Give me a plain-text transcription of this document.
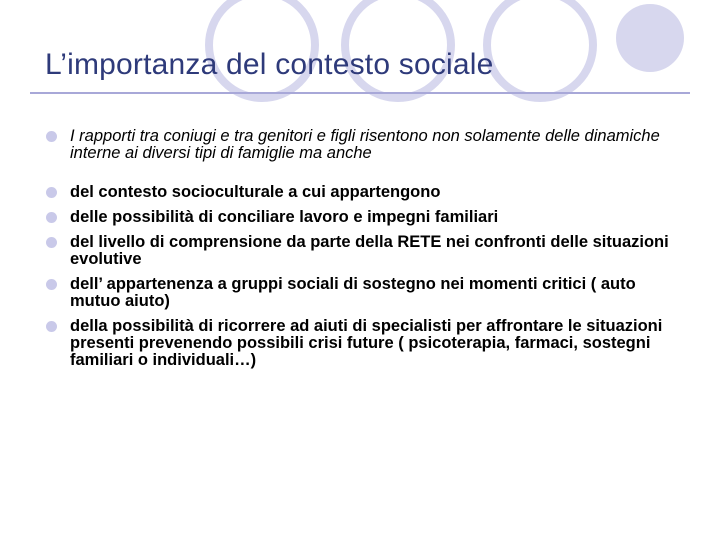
L’importanza del contesto sociale
I rapporti tra coniugi e tra genitori e figli risentono non solamente delle dinamiche interne ai diversi tipi di famiglie ma anche
del contesto socioculturale a cui appartengono
delle possibilità di conciliare lavoro e impegni familiari
del livello di comprensione da parte della RETE nei confronti delle situazioni evolutive
dell’ appartenenza a gruppi sociali di sostegno nei momenti critici ( auto mutuo aiuto)
della possibilità di ricorrere ad aiuti di specialisti per affrontare le situazioni presenti prevenendo possibili crisi future ( psicoterapia, farmaci, sostegni familiari o individuali…)
